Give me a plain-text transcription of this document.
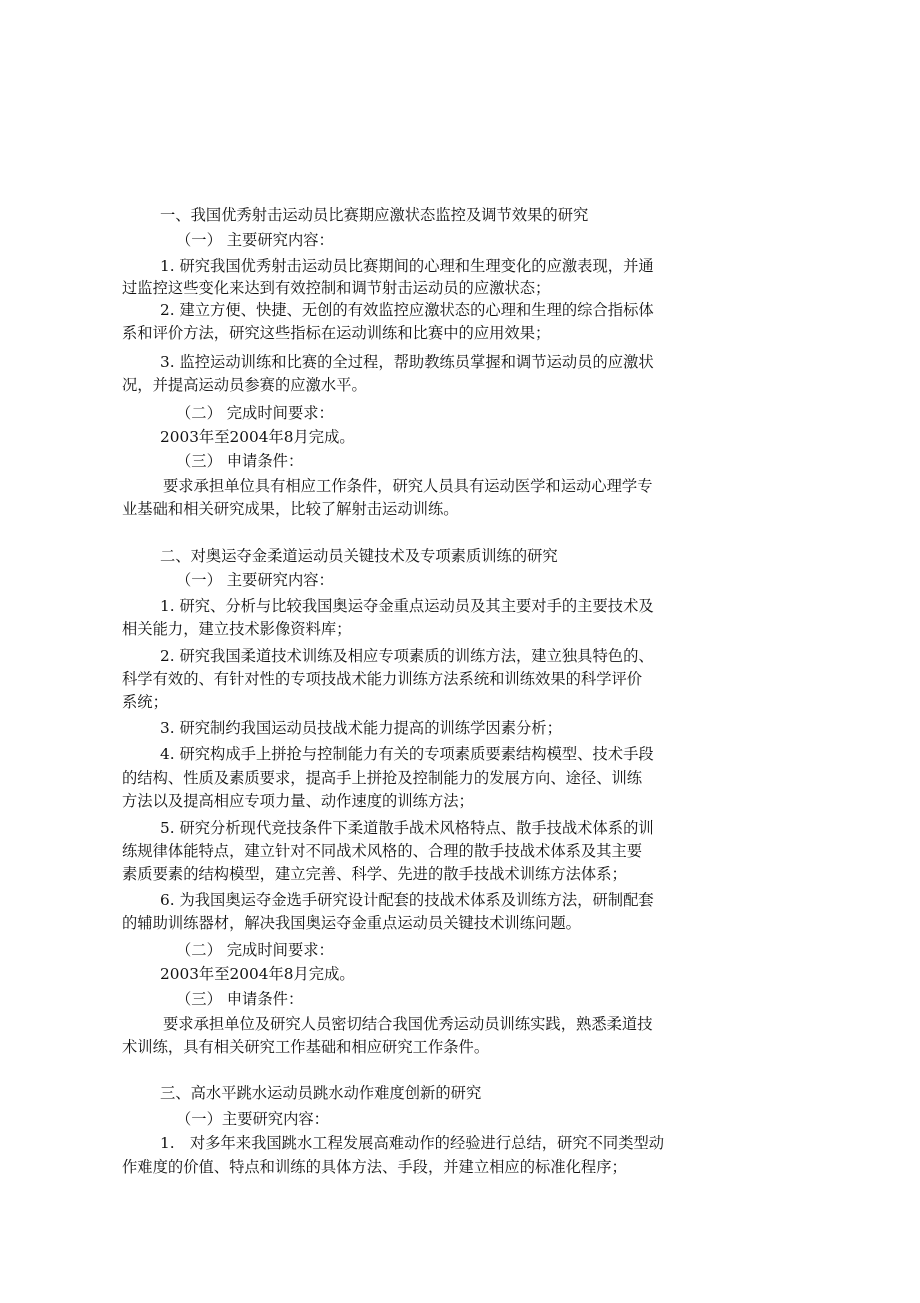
一、我国优秀射击运动员比赛期应激状态监控及调节效果的研究
（一） 主要研究内容：
1. 研究我国优秀射击运动员比赛期间的心理和生理变化的应激表现，并通
过监控这些变化来达到有效控制和调节射击运动员的应激状态；
2. 建立方便、快捷、无创的有效监控应激状态的心理和生理的综合指标体
系和评价方法，研究这些指标在运动训练和比赛中的应用效果；
3. 监控运动训练和比赛的全过程，帮助教练员掌握和调节运动员的应激状
况，并提高运动员参赛的应激水平。
（二） 完成时间要求：
2003年至2004年8月完成。
（三） 申请条件：
要求承担单位具有相应工作条件，研究人员具有运动医学和运动心理学专
业基础和相关研究成果，比较了解射击运动训练。
二、对奥运夺金柔道运动员关键技术及专项素质训练的研究
（一） 主要研究内容：
1. 研究、分析与比较我国奥运夺金重点运动员及其主要对手的主要技术及
相关能力，建立技术影像资料库；
2. 研究我国柔道技术训练及相应专项素质的训练方法，建立独具特色的、
科学有效的、有针对性的专项技战术能力训练方法系统和训练效果的科学评价
系统；
3. 研究制约我国运动员技战术能力提高的训练学因素分析；
4. 研究构成手上拼抢与控制能力有关的专项素质要素结构模型、技术手段
的结构、性质及素质要求，提高手上拼抢及控制能力的发展方向、途径、训练
方法以及提高相应专项力量、动作速度的训练方法；
5. 研究分析现代竞技条件下柔道散手战术风格特点、散手技战术体系的训
练规律体能特点，建立针对不同战术风格的、合理的散手技战术体系及其主要
素质要素的结构模型，建立完善、科学、先进的散手技战术训练方法体系；
6. 为我国奥运夺金选手研究设计配套的技战术体系及训练方法，研制配套
的辅助训练器材，解决我国奥运夺金重点运动员关键技术训练问题。
（二） 完成时间要求：
2003年至2004年8月完成。
（三） 申请条件：
要求承担单位及研究人员密切结合我国优秀运动员训练实践，熟悉柔道技
术训练，具有相关研究工作基础和相应研究工作条件。
三、高水平跳水运动员跳水动作难度创新的研究
（一）主要研究内容：
1.　对多年来我国跳水工程发展高难动作的经验进行总结，研究不同类型动
作难度的价值、特点和训练的具体方法、手段，并建立相应的标准化程序；
